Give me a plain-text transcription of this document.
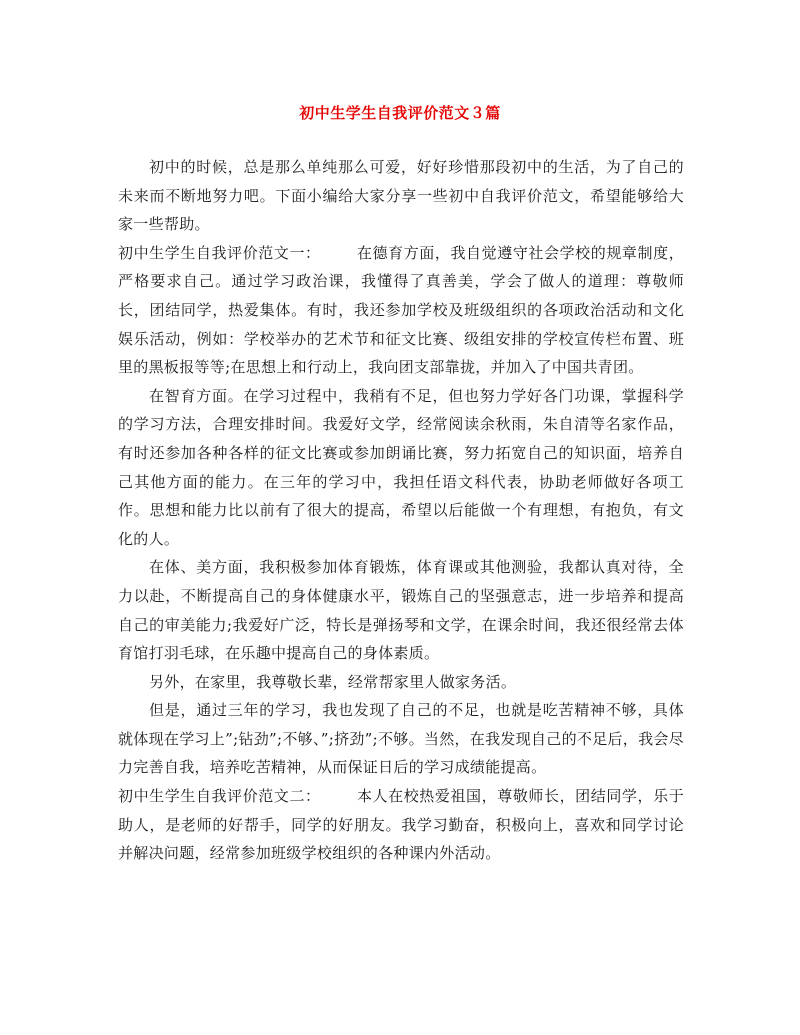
初中生学生自我评价范文３篇

初中的时候，总是那么单纯那么可爱，好好珍惜那段初中的生活，为了自己的未来而不断地努力吧。下面小编给大家分享一些初中自我评价范文，希望能够给大家一些帮助。

初中生学生自我评价范文一： 在德育方面，我自觉遵守社会学校的规章制度，严格要求自己。通过学习政治课，我懂得了真善美，学会了做人的道理：尊敬师长，团结同学，热爱集体。有时，我还参加学校及班级组织的各项政治活动和文化娱乐活动，例如：学校举办的艺术节和征文比赛、级组安排的学校宣传栏布置、班里的黑板报等等;在思想上和行动上，我向团支部靠拢，并加入了中国共青团。

在智育方面。在学习过程中，我稍有不足，但也努力学好各门功课，掌握科学的学习方法，合理安排时间。我爱好文学，经常阅读余秋雨，朱自清等名家作品，有时还参加各种各样的征文比赛或参加朗诵比赛，努力拓宽自己的知识面，培养自己其他方面的能力。在三年的学习中，我担任语文科代表，协助老师做好各项工作。思想和能力比以前有了很大的提高，希望以后能做一个有理想，有抱负，有文化的人。

在体、美方面，我积极参加体育锻炼，体育课或其他测验，我都认真对待，全力以赴，不断提高自己的身体健康水平，锻炼自己的坚强意志，进一步培养和提高自己的审美能力;我爱好广泛，特长是弹扬琴和文学，在课余时间，我还很经常去体育馆打羽毛球，在乐趣中提高自己的身体素质。

另外，在家里，我尊敬长辈，经常帮家里人做家务活。

但是，通过三年的学习，我也发现了自己的不足，也就是吃苦精神不够，具体就体现在学习上”;钻劲”;不够、”;挤劲”;不够。当然，在我发现自己的不足后，我会尽力完善自我，培养吃苦精神，从而保证日后的学习成绩能提高。

初中生学生自我评价范文二： 本人在校热爱祖国，尊敬师长，团结同学，乐于助人，是老师的好帮手，同学的好朋友。我学习勤奋，积极向上，喜欢和同学讨论并解决问题，经常参加班级学校组织的各种课内外活动。
